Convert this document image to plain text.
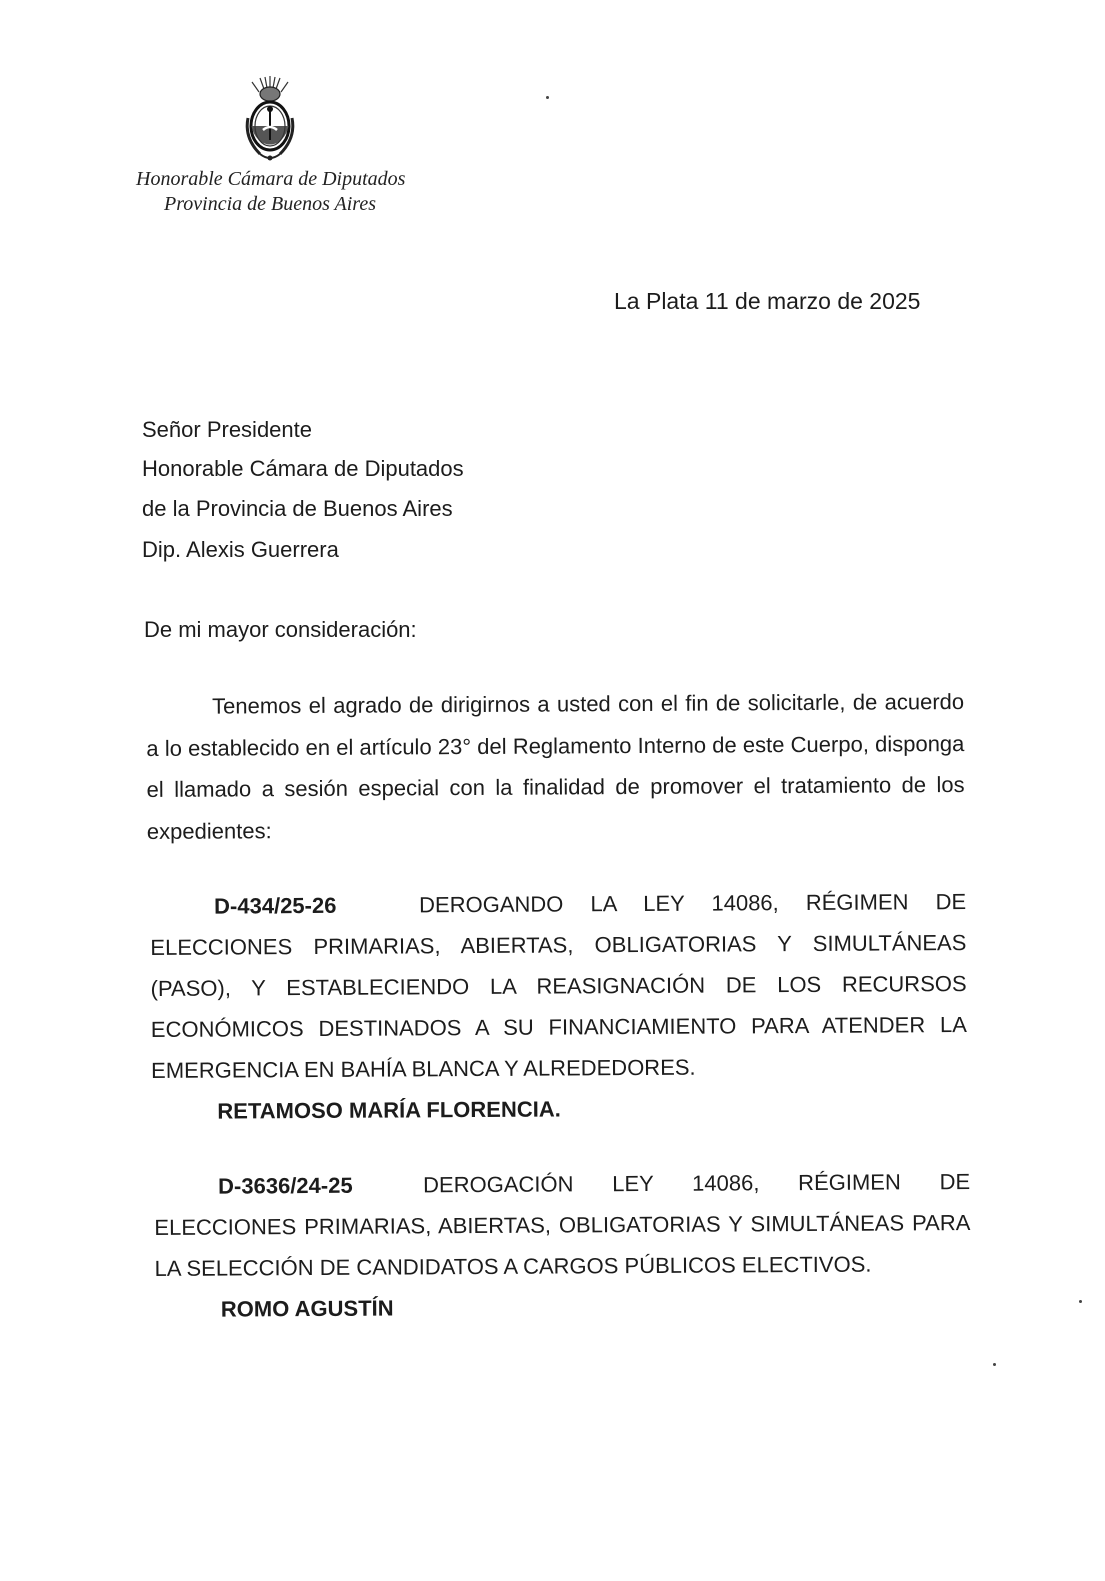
Honorable Cámara de Diputados
Provincia de Buenos Aires
La Plata 11 de marzo de 2025
Señor Presidente
Honorable Cámara de Diputados
de la Provincia de Buenos Aires
Dip. Alexis Guerrera
De mi mayor consideración:
Tenemos el agrado de dirigirnos a usted con el fin de solicitarle, de acuerdo a lo establecido en el artículo 23° del Reglamento Interno de este Cuerpo, disponga el llamado a sesión especial con la finalidad de promover el tratamiento de los expedientes:
D-434/25-26	DEROGANDO LA LEY 14086, RÉGIMEN DE ELECCIONES PRIMARIAS, ABIERTAS, OBLIGATORIAS Y SIMULTÁNEAS (PASO), Y ESTABLECIENDO LA REASIGNACIÓN DE LOS RECURSOS ECONÓMICOS DESTINADOS A SU FINANCIAMIENTO PARA ATENDER LA EMERGENCIA EN BAHÍA BLANCA Y ALREDEDORES.
RETAMOSO MARÍA FLORENCIA.
D-3636/24-25	DEROGACIÓN LEY 14086, RÉGIMEN DE ELECCIONES PRIMARIAS, ABIERTAS, OBLIGATORIAS Y SIMULTÁNEAS PARA LA SELECCIÓN DE CANDIDATOS A CARGOS PÚBLICOS ELECTIVOS.
ROMO AGUSTÍN
